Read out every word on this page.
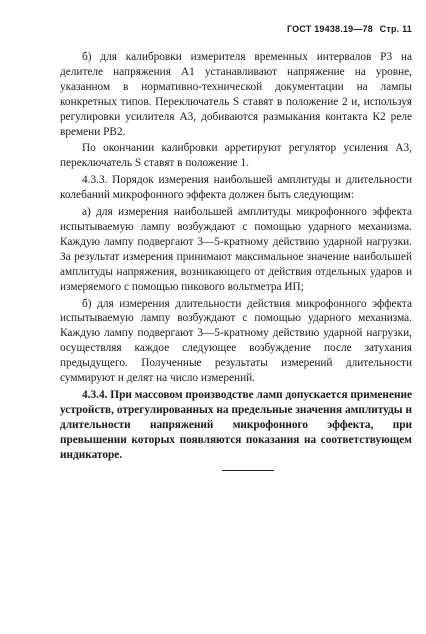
ГОСТ 19438.19—78 Стр. 11

б) для калибровки измерителя временных интервалов Р3 на делителе напряжения А1 устанавливают напряжение на уровне, указанном в нормативно-технической документации на лампы конкретных типов. Переключатель S ставят в положение 2 и, используя регулировки усилителя А3, добиваются размыкания контакта К2 реле времени РВ2.

По окончании калибровки арретируют регулятор усиления А3, переключатель S ставят в положение 1.

4.3.3. Порядок измерения наибольшей амплитуды и длительности колебаний микрофонного эффекта должен быть следующим:

а) для измерения наибольшей амплитуды микрофонного эффекта испытываемую лампу возбуждают с помощью ударного механизма. Каждую лампу подвергают 3—5-кратному действию ударной нагрузки. За результат измерения принимают максимальное значение наибольшей амплитуды напряжения, возникающего от действия отдельных ударов и измеряемого с помощью пикового вольтметра ИП;

б) для измерения длительности действия микрофонного эффекта испытываемую лампу возбуждают с помощью ударного механизма. Каждую лампу подвергают 3—5-кратному действию ударной нагрузки, осуществляя каждое следующее возбуждение после затухания предыдущего. Полученные результаты измерений длительности суммируют и делят на число измерений.

4.3.4. При массовом производстве ламп допускается применение устройств, отрегулированных на предельные значения амплитуды и длительности напряжений микрофонного эффекта, при превышении которых появляются показания на соответствующем индикаторе.
